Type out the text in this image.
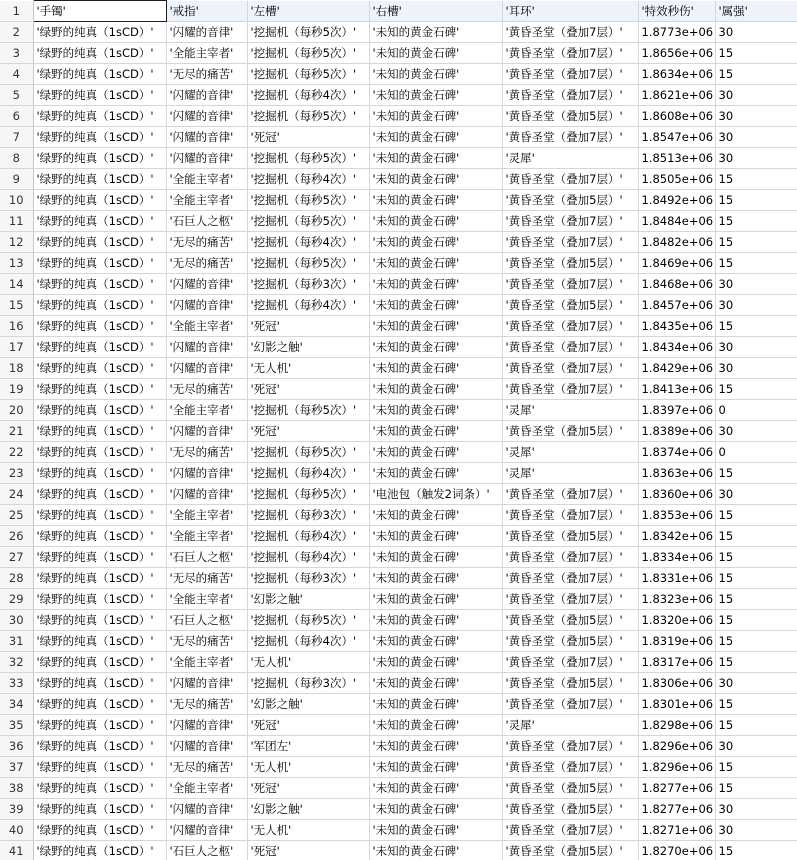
1	'手镯'	'戒指'	'左槽'	'右槽'	'耳环'	'特效秒伤'	'属强'
2	'绿野的纯真（1sCD）'	'闪耀的音律'	'挖掘机（每秒5次）'	'未知的黄金石碑'	'黄昏圣堂（叠加7层）'	1.8773e+06	30
3	'绿野的纯真（1sCD）'	'全能主宰者'	'挖掘机（每秒5次）'	'未知的黄金石碑'	'黄昏圣堂（叠加7层）'	1.8656e+06	15
4	'绿野的纯真（1sCD）'	'无尽的痛苦'	'挖掘机（每秒5次）'	'未知的黄金石碑'	'黄昏圣堂（叠加7层）'	1.8634e+06	15
5	'绿野的纯真（1sCD）'	'闪耀的音律'	'挖掘机（每秒4次）'	'未知的黄金石碑'	'黄昏圣堂（叠加7层）'	1.8621e+06	30
6	'绿野的纯真（1sCD）'	'闪耀的音律'	'挖掘机（每秒5次）'	'未知的黄金石碑'	'黄昏圣堂（叠加5层）'	1.8608e+06	30
7	'绿野的纯真（1sCD）'	'闪耀的音律'	'死冠'	'未知的黄金石碑'	'黄昏圣堂（叠加7层）'	1.8547e+06	30
8	'绿野的纯真（1sCD）'	'闪耀的音律'	'挖掘机（每秒5次）'	'未知的黄金石碑'	'灵犀'	1.8513e+06	30
9	'绿野的纯真（1sCD）'	'全能主宰者'	'挖掘机（每秒4次）'	'未知的黄金石碑'	'黄昏圣堂（叠加7层）'	1.8505e+06	15
10	'绿野的纯真（1sCD）'	'全能主宰者'	'挖掘机（每秒5次）'	'未知的黄金石碑'	'黄昏圣堂（叠加5层）'	1.8492e+06	15
11	'绿野的纯真（1sCD）'	'石巨人之柩'	'挖掘机（每秒5次）'	'未知的黄金石碑'	'黄昏圣堂（叠加7层）'	1.8484e+06	15
12	'绿野的纯真（1sCD）'	'无尽的痛苦'	'挖掘机（每秒4次）'	'未知的黄金石碑'	'黄昏圣堂（叠加7层）'	1.8482e+06	15
13	'绿野的纯真（1sCD）'	'无尽的痛苦'	'挖掘机（每秒5次）'	'未知的黄金石碑'	'黄昏圣堂（叠加5层）'	1.8469e+06	15
14	'绿野的纯真（1sCD）'	'闪耀的音律'	'挖掘机（每秒3次）'	'未知的黄金石碑'	'黄昏圣堂（叠加7层）'	1.8468e+06	30
15	'绿野的纯真（1sCD）'	'闪耀的音律'	'挖掘机（每秒4次）'	'未知的黄金石碑'	'黄昏圣堂（叠加5层）'	1.8457e+06	30
16	'绿野的纯真（1sCD）'	'全能主宰者'	'死冠'	'未知的黄金石碑'	'黄昏圣堂（叠加7层）'	1.8435e+06	15
17	'绿野的纯真（1sCD）'	'闪耀的音律'	'幻影之触'	'未知的黄金石碑'	'黄昏圣堂（叠加7层）'	1.8434e+06	30
18	'绿野的纯真（1sCD）'	'闪耀的音律'	'无人机'	'未知的黄金石碑'	'黄昏圣堂（叠加7层）'	1.8429e+06	30
19	'绿野的纯真（1sCD）'	'无尽的痛苦'	'死冠'	'未知的黄金石碑'	'黄昏圣堂（叠加7层）'	1.8413e+06	15
20	'绿野的纯真（1sCD）'	'全能主宰者'	'挖掘机（每秒5次）'	'未知的黄金石碑'	'灵犀'	1.8397e+06	0
21	'绿野的纯真（1sCD）'	'闪耀的音律'	'死冠'	'未知的黄金石碑'	'黄昏圣堂（叠加5层）'	1.8389e+06	30
22	'绿野的纯真（1sCD）'	'无尽的痛苦'	'挖掘机（每秒5次）'	'未知的黄金石碑'	'灵犀'	1.8374e+06	0
23	'绿野的纯真（1sCD）'	'闪耀的音律'	'挖掘机（每秒4次）'	'未知的黄金石碑'	'灵犀'	1.8363e+06	15
24	'绿野的纯真（1sCD）'	'闪耀的音律'	'挖掘机（每秒5次）'	'电池包（触发2词条）'	'黄昏圣堂（叠加7层）'	1.8360e+06	30
25	'绿野的纯真（1sCD）'	'全能主宰者'	'挖掘机（每秒3次）'	'未知的黄金石碑'	'黄昏圣堂（叠加7层）'	1.8353e+06	15
26	'绿野的纯真（1sCD）'	'全能主宰者'	'挖掘机（每秒4次）'	'未知的黄金石碑'	'黄昏圣堂（叠加5层）'	1.8342e+06	15
27	'绿野的纯真（1sCD）'	'石巨人之柩'	'挖掘机（每秒4次）'	'未知的黄金石碑'	'黄昏圣堂（叠加7层）'	1.8334e+06	15
28	'绿野的纯真（1sCD）'	'无尽的痛苦'	'挖掘机（每秒3次）'	'未知的黄金石碑'	'黄昏圣堂（叠加7层）'	1.8331e+06	15
29	'绿野的纯真（1sCD）'	'全能主宰者'	'幻影之触'	'未知的黄金石碑'	'黄昏圣堂（叠加7层）'	1.8323e+06	15
30	'绿野的纯真（1sCD）'	'石巨人之柩'	'挖掘机（每秒5次）'	'未知的黄金石碑'	'黄昏圣堂（叠加5层）'	1.8320e+06	15
31	'绿野的纯真（1sCD）'	'无尽的痛苦'	'挖掘机（每秒4次）'	'未知的黄金石碑'	'黄昏圣堂（叠加5层）'	1.8319e+06	15
32	'绿野的纯真（1sCD）'	'全能主宰者'	'无人机'	'未知的黄金石碑'	'黄昏圣堂（叠加7层）'	1.8317e+06	15
33	'绿野的纯真（1sCD）'	'闪耀的音律'	'挖掘机（每秒3次）'	'未知的黄金石碑'	'黄昏圣堂（叠加5层）'	1.8306e+06	30
34	'绿野的纯真（1sCD）'	'无尽的痛苦'	'幻影之触'	'未知的黄金石碑'	'黄昏圣堂（叠加7层）'	1.8301e+06	15
35	'绿野的纯真（1sCD）'	'闪耀的音律'	'死冠'	'未知的黄金石碑'	'灵犀'	1.8298e+06	15
36	'绿野的纯真（1sCD）'	'闪耀的音律'	'军团左'	'未知的黄金石碑'	'黄昏圣堂（叠加7层）'	1.8296e+06	30
37	'绿野的纯真（1sCD）'	'无尽的痛苦'	'无人机'	'未知的黄金石碑'	'黄昏圣堂（叠加7层）'	1.8296e+06	15
38	'绿野的纯真（1sCD）'	'全能主宰者'	'死冠'	'未知的黄金石碑'	'黄昏圣堂（叠加5层）'	1.8277e+06	15
39	'绿野的纯真（1sCD）'	'闪耀的音律'	'幻影之触'	'未知的黄金石碑'	'黄昏圣堂（叠加5层）'	1.8277e+06	30
40	'绿野的纯真（1sCD）'	'闪耀的音律'	'无人机'	'未知的黄金石碑'	'黄昏圣堂（叠加7层）'	1.8271e+06	30
41	'绿野的纯真（1sCD）'	'石巨人之柩'	'死冠'	'未知的黄金石碑'	'黄昏圣堂（叠加5层）'	1.8270e+06	15
